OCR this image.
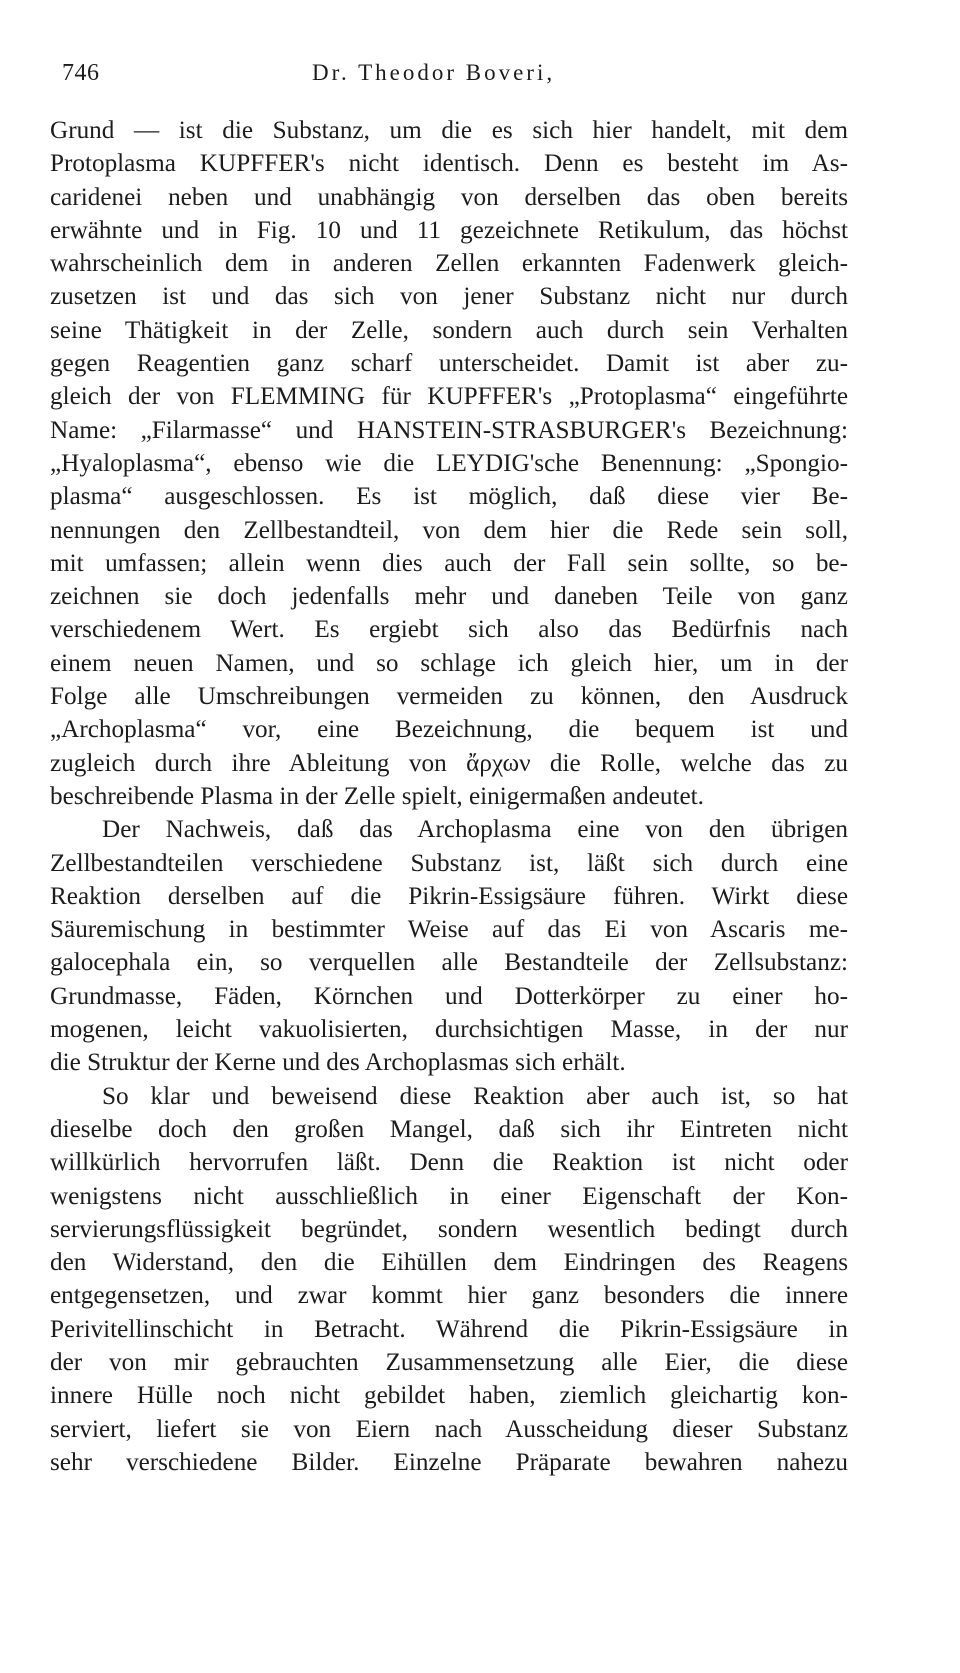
746	Dr. Theodor Boveri,
Grund — ist die Substanz, um die es sich hier handelt, mit dem
Protoplasma KUPFFER's nicht identisch. Denn es besteht im As-
caridenei neben und unabhängig von derselben das oben bereits
erwähnte und in Fig. 10 und 11 gezeichnete Retikulum, das höchst
wahrscheinlich dem in anderen Zellen erkannten Fadenwerk gleich-
zusetzen ist und das sich von jener Substanz nicht nur durch
seine Thätigkeit in der Zelle, sondern auch durch sein Verhalten
gegen Reagentien ganz scharf unterscheidet. Damit ist aber zu-
gleich der von FLEMMING für KUPFFER's „Protoplasma“ eingeführte
Name: „Filarmasse“ und HANSTEIN-STRASBURGER's Bezeichnung:
„Hyaloplasma“, ebenso wie die LEYDIG'sche Benennung: „Spongio-
plasma“ ausgeschlossen. Es ist möglich, daß diese vier Be-
nennungen den Zellbestandteil, von dem hier die Rede sein soll,
mit umfassen; allein wenn dies auch der Fall sein sollte, so be-
zeichnen sie doch jedenfalls mehr und daneben Teile von ganz
verschiedenem Wert. Es ergiebt sich also das Bedürfnis nach
einem neuen Namen, und so schlage ich gleich hier, um in der
Folge alle Umschreibungen vermeiden zu können, den Ausdruck
„Archoplasma“ vor, eine Bezeichnung, die bequem ist und
zugleich durch ihre Ableitung von ἄρχων die Rolle, welche das zu
beschreibende Plasma in der Zelle spielt, einigermaßen andeutet.
Der Nachweis, daß das Archoplasma eine von den übrigen
Zellbestandteilen verschiedene Substanz ist, läßt sich durch eine
Reaktion derselben auf die Pikrin-Essigsäure führen. Wirkt diese
Säuremischung in bestimmter Weise auf das Ei von Ascaris me-
galocephala ein, so verquellen alle Bestandteile der Zellsubstanz:
Grundmasse, Fäden, Körnchen und Dotterkörper zu einer ho-
mogenen, leicht vakuolisierten, durchsichtigen Masse, in der nur
die Struktur der Kerne und des Archoplasmas sich erhält.
So klar und beweisend diese Reaktion aber auch ist, so hat
dieselbe doch den großen Mangel, daß sich ihr Eintreten nicht
willkürlich hervorrufen läßt. Denn die Reaktion ist nicht oder
wenigstens nicht ausschließlich in einer Eigenschaft der Kon-
servierungsflüssigkeit begründet, sondern wesentlich bedingt durch
den Widerstand, den die Eihüllen dem Eindringen des Reagens
entgegensetzen, und zwar kommt hier ganz besonders die innere
Perivitellinschicht in Betracht. Während die Pikrin-Essigsäure in
der von mir gebrauchten Zusammensetzung alle Eier, die diese
innere Hülle noch nicht gebildet haben, ziemlich gleichartig kon-
serviert, liefert sie von Eiern nach Ausscheidung dieser Substanz
sehr verschiedene Bilder. Einzelne Präparate bewahren nahezu
